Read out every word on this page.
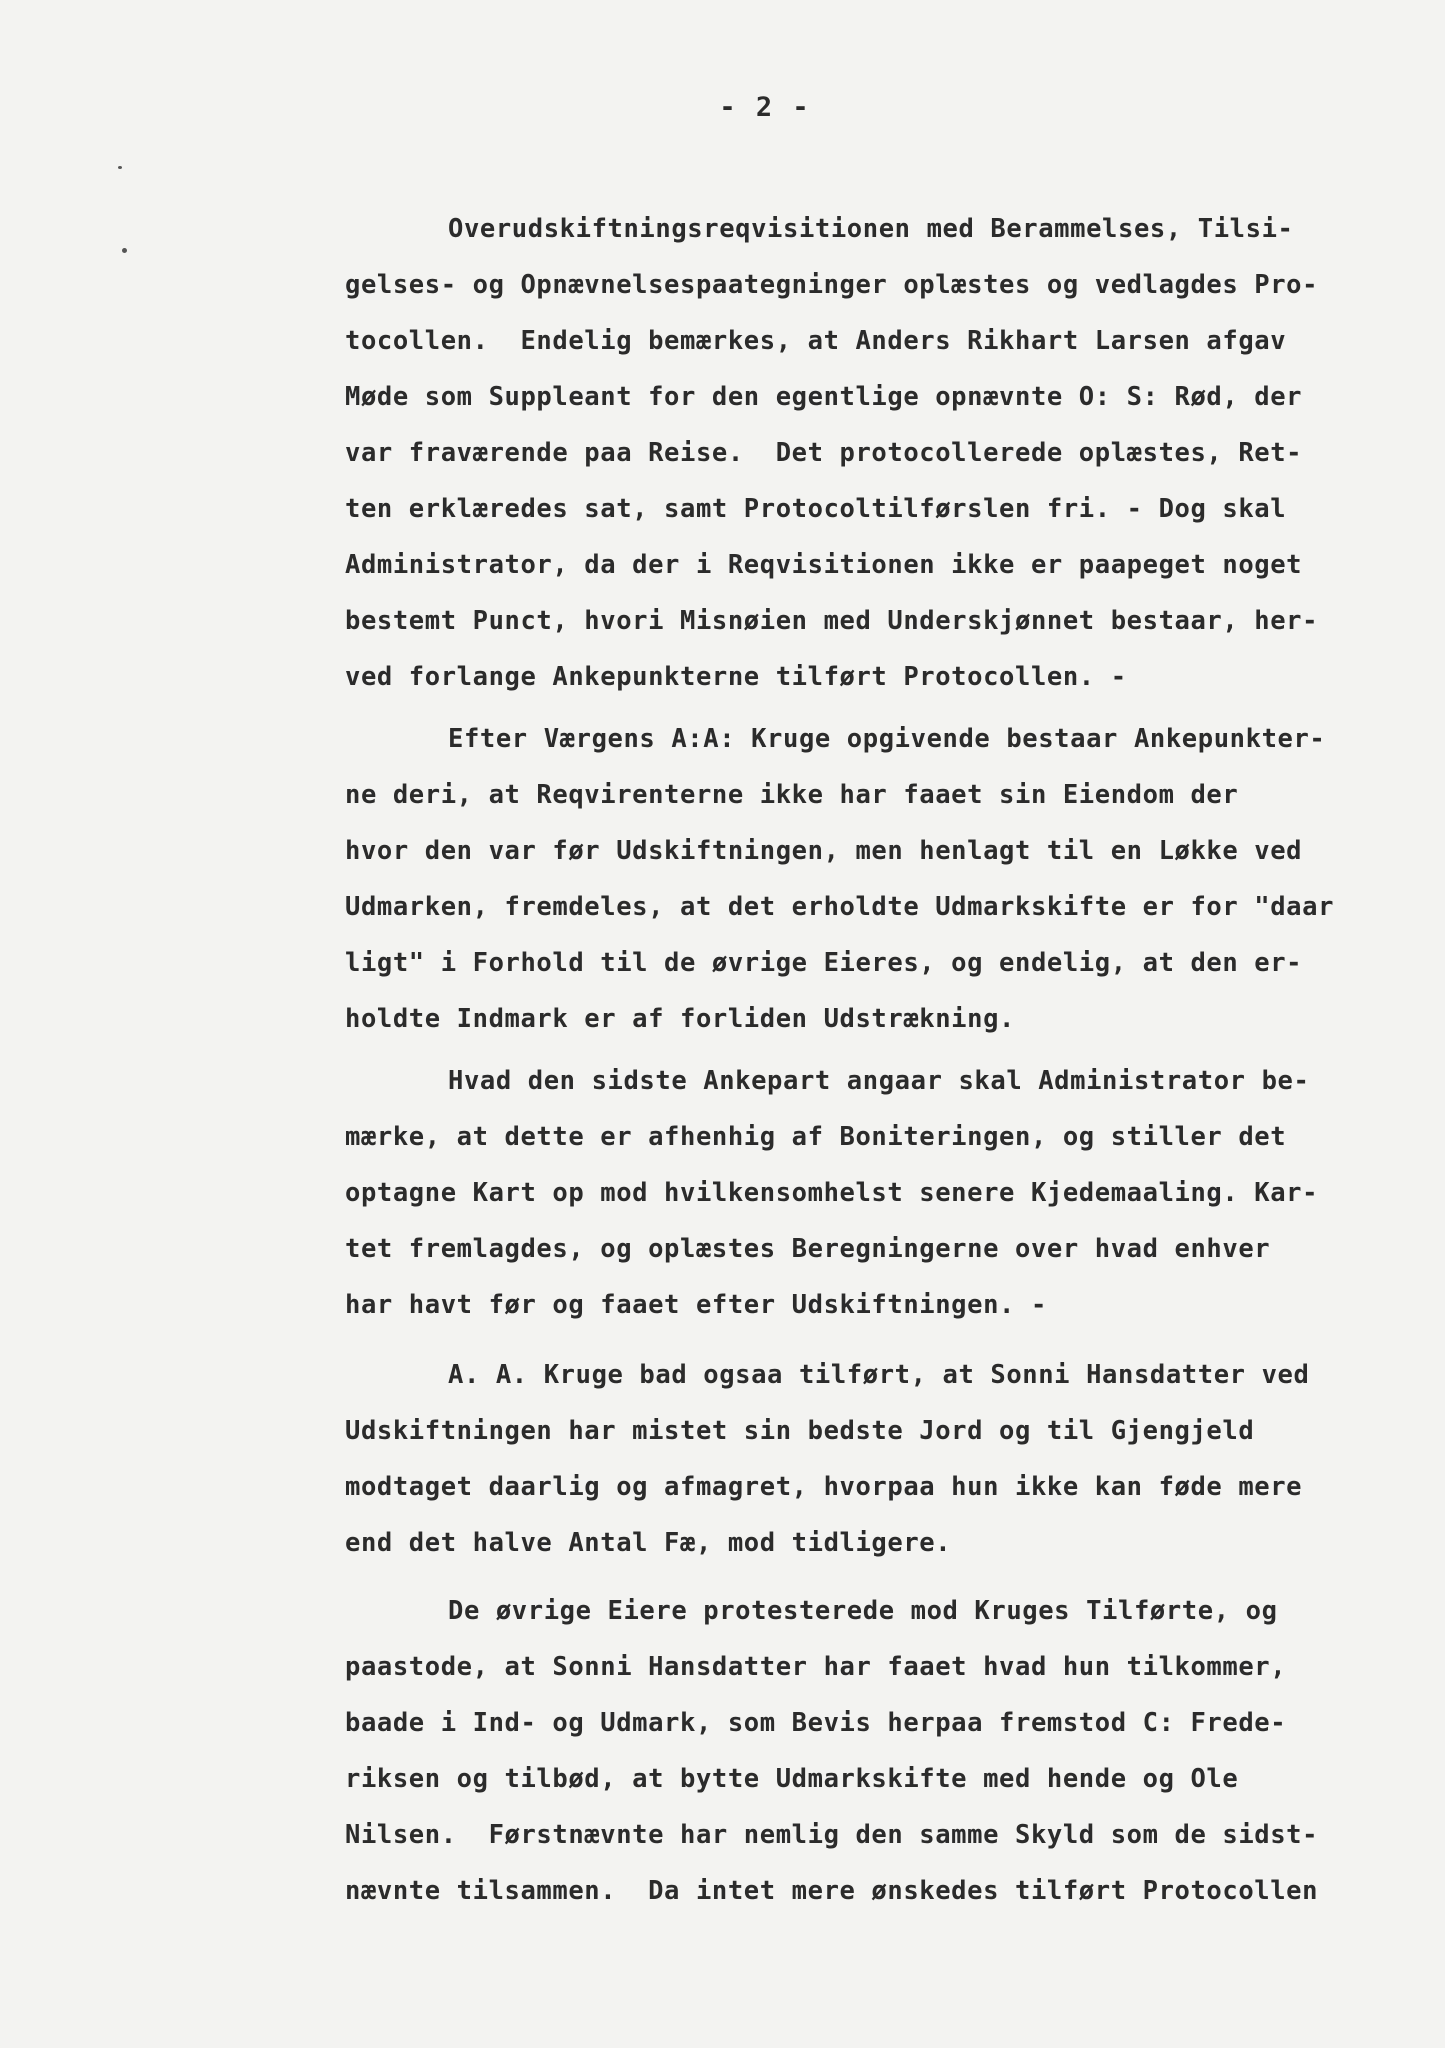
- 2 -
Overudskiftningsreqvisitionen med Berammelses, Tilsi-
gelses- og Opnævnelsespaategninger oplæstes og vedlagdes Pro-
tocollen.  Endelig bemærkes, at Anders Rikhart Larsen afgav
Møde som Suppleant for den egentlige opnævnte O: S: Rød, der
var fraværende paa Reise.  Det protocollerede oplæstes, Ret-
ten erklæredes sat, samt Protocoltilførslen fri. - Dog skal
Administrator, da der i Reqvisitionen ikke er paapeget noget
bestemt Punct, hvori Misnøien med Underskjønnet bestaar, her-
ved forlange Ankepunkterne tilført Protocollen. -
Efter Værgens A:A: Kruge opgivende bestaar Ankepunkter-
ne deri, at Reqvirenterne ikke har faaet sin Eiendom der
hvor den var før Udskiftningen, men henlagt til en Løkke ved
Udmarken, fremdeles, at det erholdte Udmarkskifte er for "daar
ligt" i Forhold til de øvrige Eieres, og endelig, at den er-
holdte Indmark er af forliden Udstrækning.
Hvad den sidste Ankepart angaar skal Administrator be-
mærke, at dette er afhenhig af Boniteringen, og stiller det
optagne Kart op mod hvilkensomhelst senere Kjedemaaling. Kar-
tet fremlagdes, og oplæstes Beregningerne over hvad enhver
har havt før og faaet efter Udskiftningen. -
A. A. Kruge bad ogsaa tilført, at Sonni Hansdatter ved
Udskiftningen har mistet sin bedste Jord og til Gjengjeld
modtaget daarlig og afmagret, hvorpaa hun ikke kan føde mere
end det halve Antal Fæ, mod tidligere.
De øvrige Eiere protesterede mod Kruges Tilførte, og
paastode, at Sonni Hansdatter har faaet hvad hun tilkommer,
baade i Ind- og Udmark, som Bevis herpaa fremstod C: Frede-
riksen og tilbød, at bytte Udmarkskifte med hende og Ole
Nilsen.  Førstnævnte har nemlig den samme Skyld som de sidst-
nævnte tilsammen.  Da intet mere ønskedes tilført Protocollen
